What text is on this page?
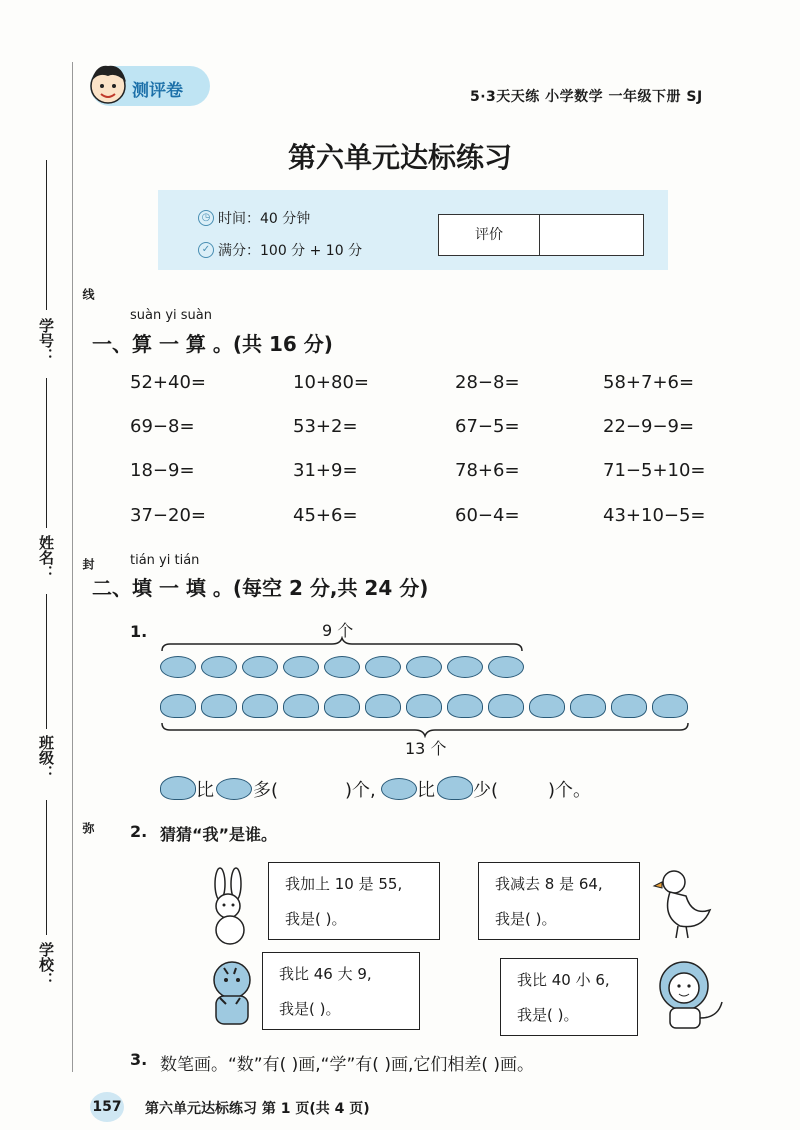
线
封
弥
学号：
姓名：
班级：
学校：
测评卷	5·3天天练 小学数学 一年级下册 SJ
第六单元达标练习
◷ 时间：40 分钟
✓ 满分：100 分 + 10 分
评价
suàn yi suàn
一、算 一 算 。(共 16 分)
52+40=	10+80=	28−8=	58+7+6=
69−8=	53+2=	67−5=	22−9−9=
18−9=	31+9=	78+6=	71−5+10=
37−20=	45+6=	60−4=	43+10−5=
tián yi tián
二、填 一 填 。(每空 2 分,共 24 分)
1.	9 个
13 个
比 多(	)个, 比 少(	)个。
2. 猜猜“我”是谁。
我加上 10 是 55,
我是( )。
我减去 8 是 64,
我是( )。
我比 46 大 9,
我是( )。
我比 40 小 6,
我是( )。
3. 数笔画。“数”有( )画,“学”有( )画,它们相差( )画。
157 第六单元达标练习 第 1 页(共 4 页)
